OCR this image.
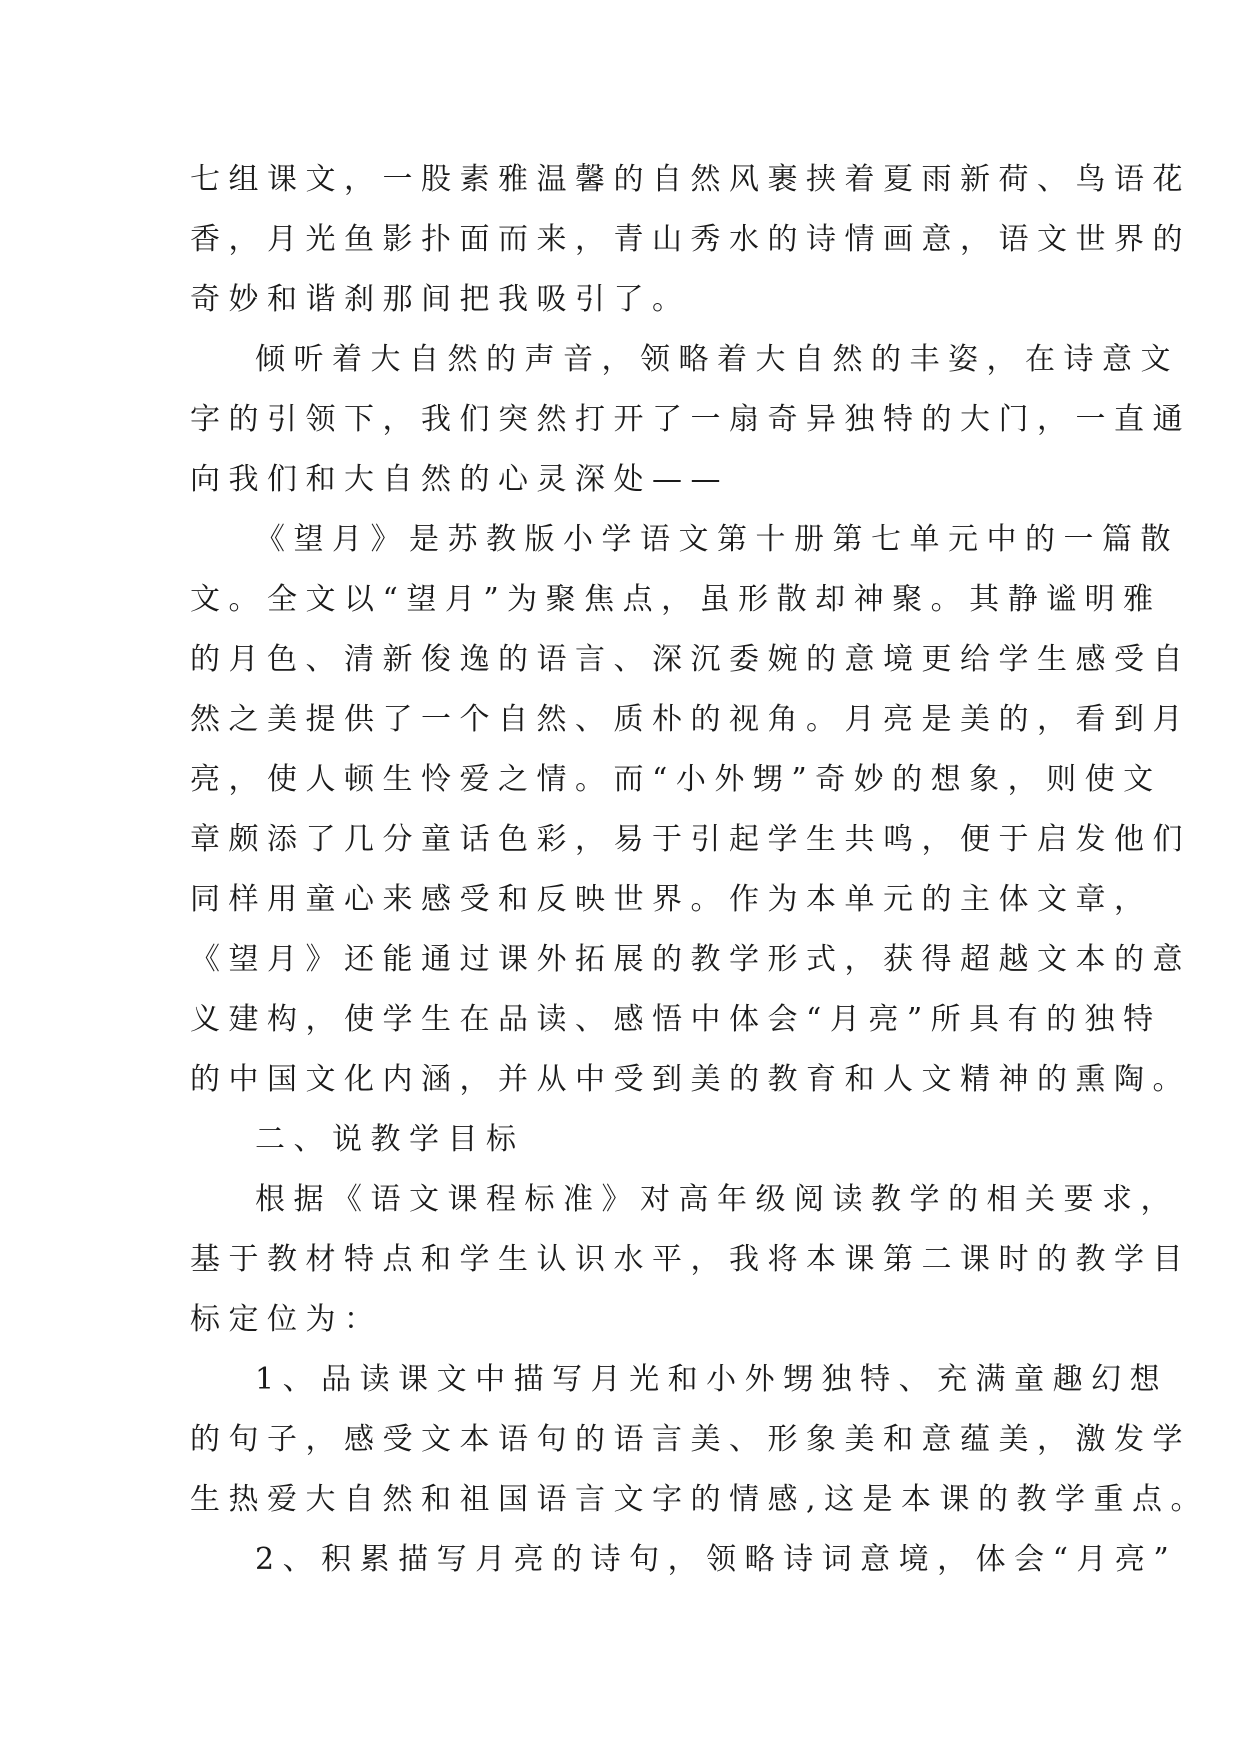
七组课文，一股素雅温馨的自然风裹挟着夏雨新荷、鸟语花

香，月光鱼影扑面而来，青山秀水的诗情画意，语文世界的

奇妙和谐刹那间把我吸引了。

倾听着大自然的声音，领略着大自然的丰姿，在诗意文

字的引领下，我们突然打开了一扇奇异独特的大门，一直通

向我们和大自然的心灵深处——

《望月》是苏教版小学语文第十册第七单元中的一篇散

文。全文以“望月”为聚焦点，虽形散却神聚。其静谧明雅

的月色、清新俊逸的语言、深沉委婉的意境更给学生感受自

然之美提供了一个自然、质朴的视角。月亮是美的，看到月

亮，使人顿生怜爱之情。而“小外甥”奇妙的想象，则使文

章颇添了几分童话色彩，易于引起学生共鸣，便于启发他们

同样用童心来感受和反映世界。作为本单元的主体文章，

《望月》还能通过课外拓展的教学形式，获得超越文本的意

义建构，使学生在品读、感悟中体会“月亮”所具有的独特

的中国文化内涵，并从中受到美的教育和人文精神的熏陶。

二、说教学目标

根据《语文课程标准》对高年级阅读教学的相关要求，

基于教材特点和学生认识水平，我将本课第二课时的教学目

标定位为：

1、品读课文中描写月光和小外甥独特、充满童趣幻想

的句子，感受文本语句的语言美、形象美和意蕴美，激发学

生热爱大自然和祖国语言文字的情感,这是本课的教学重点。

2、积累描写月亮的诗句，领略诗词意境，体会“月亮”
